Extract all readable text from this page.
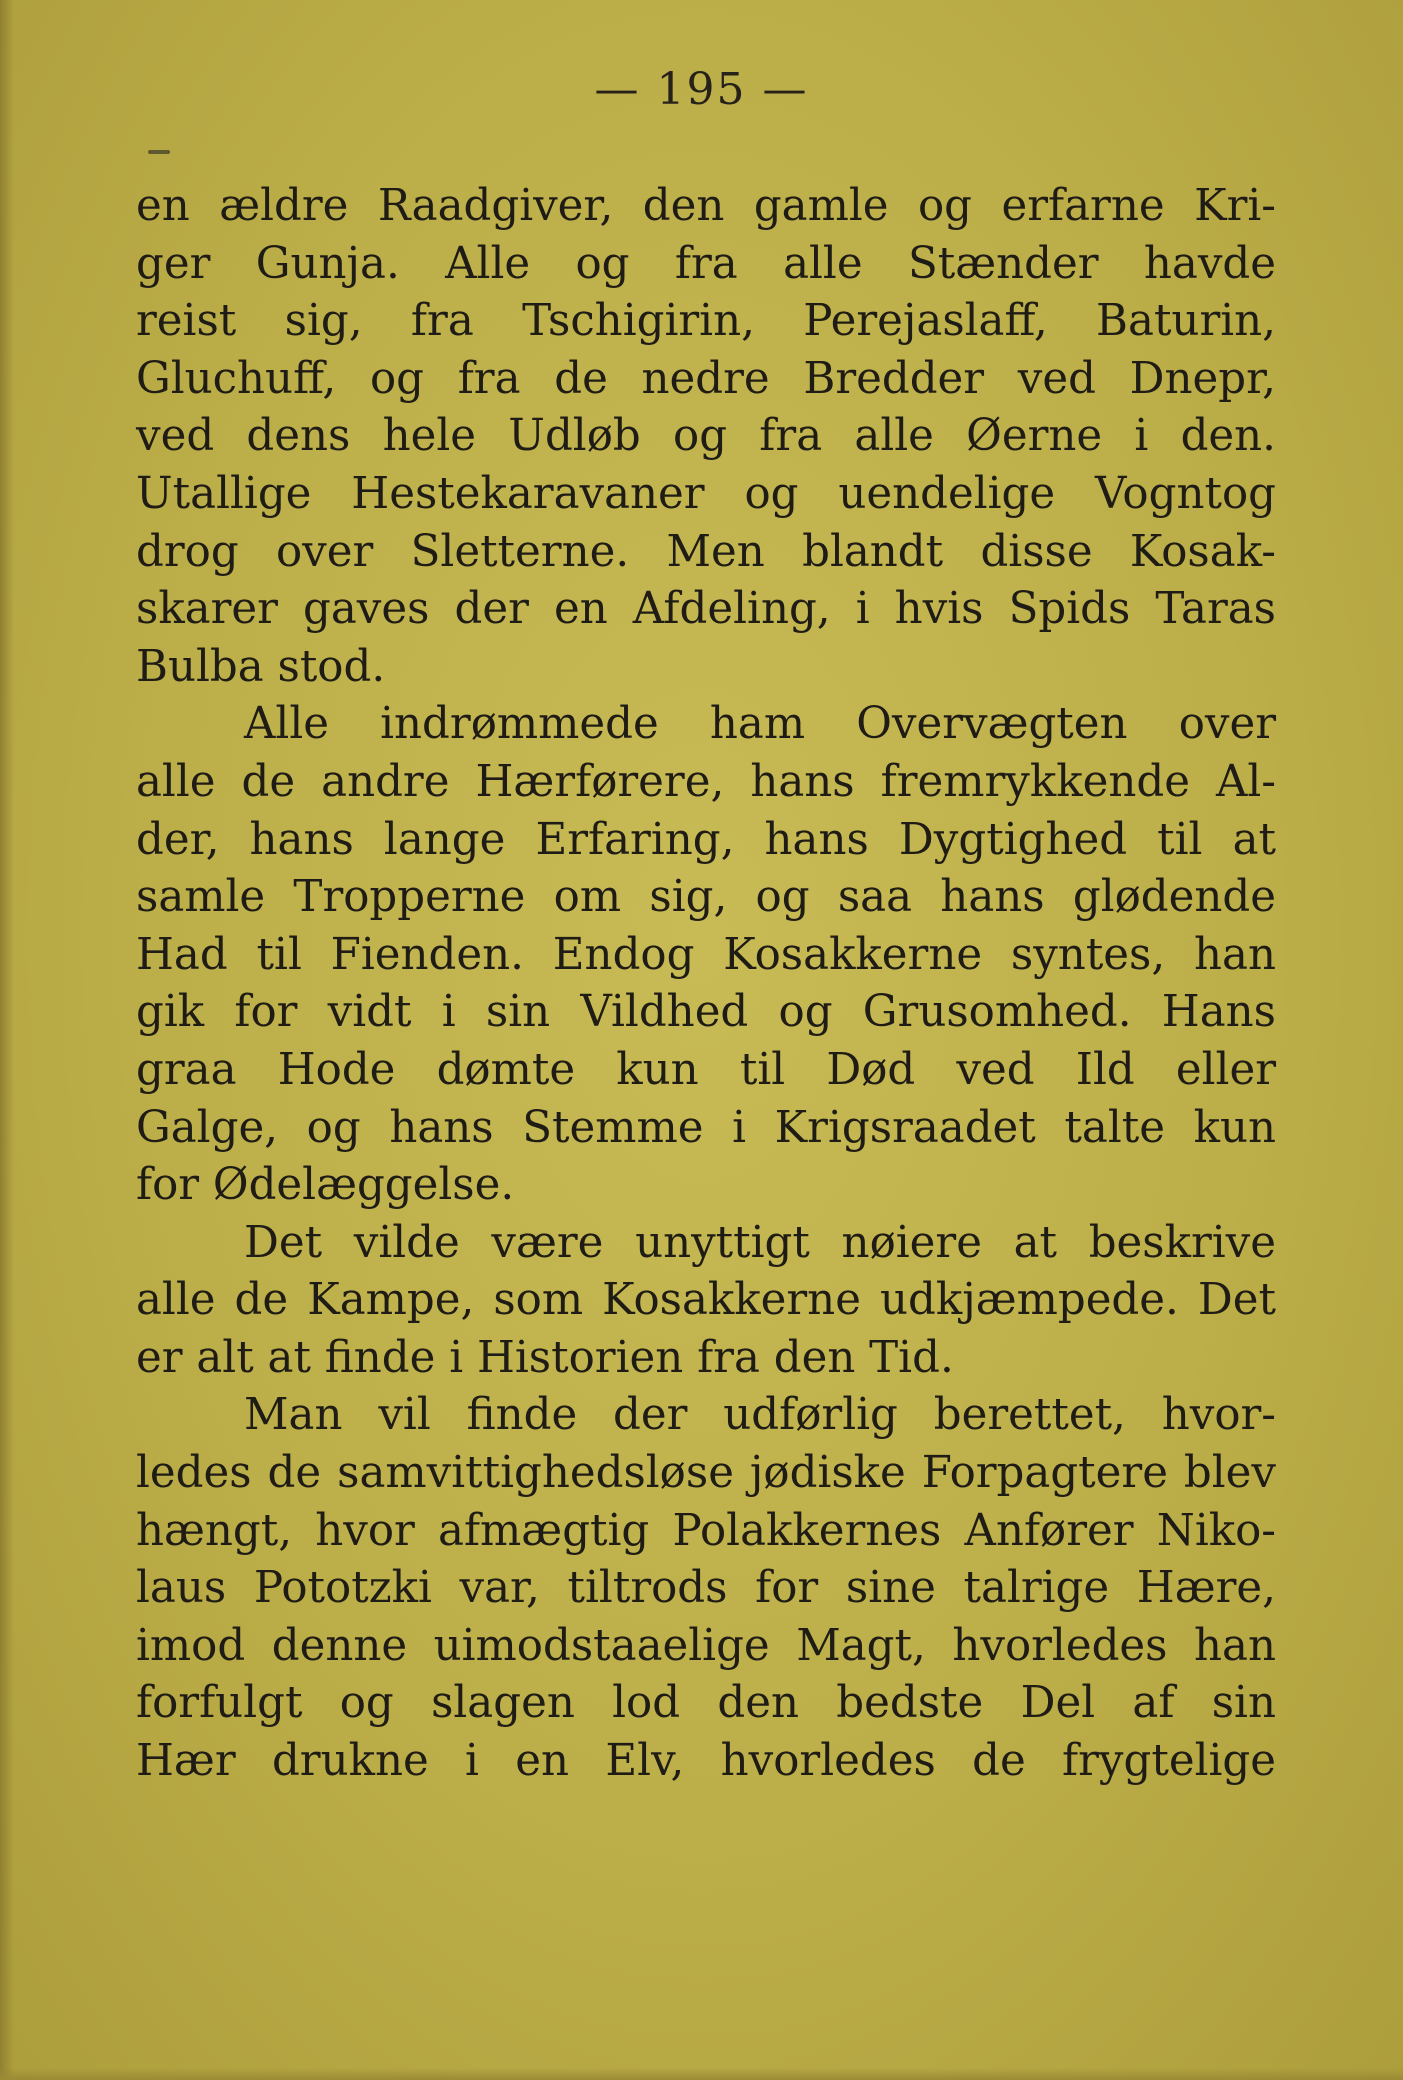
— 195 —
en ældre Raadgiver, den gamle og erfarne Kri-
ger Gunja. Alle og fra alle Stænder havde
reist sig, fra Tschigirin, Perejaslaff, Baturin,
Gluchuff, og fra de nedre Bredder ved Dnepr,
ved dens hele Udløb og fra alle Øerne i den.
Utallige Hestekaravaner og uendelige Vogntog
drog over Sletterne. Men blandt disse Kosak-
skarer gaves der en Afdeling, i hvis Spids Taras
Bulba stod.
Alle indrømmede ham Overvægten over
alle de andre Hærførere, hans fremrykkende Al-
der, hans lange Erfaring, hans Dygtighed til at
samle Tropperne om sig, og saa hans glødende
Had til Fienden. Endog Kosakkerne syntes, han
gik for vidt i sin Vildhed og Grusomhed. Hans
graa Hode dømte kun til Død ved Ild eller
Galge, og hans Stemme i Krigsraadet talte kun
for Ødelæggelse.
Det vilde være unyttigt nøiere at beskrive
alle de Kampe, som Kosakkerne udkjæmpede. Det
er alt at finde i Historien fra den Tid.
Man vil finde der udførlig berettet, hvor-
ledes de samvittighedsløse jødiske Forpagtere blev
hængt, hvor afmægtig Polakkernes Anfører Niko-
laus Pototzki var, tiltrods for sine talrige Hære,
imod denne uimodstaaelige Magt, hvorledes han
forfulgt og slagen lod den bedste Del af sin
Hær drukne i en Elv, hvorledes de frygtelige
